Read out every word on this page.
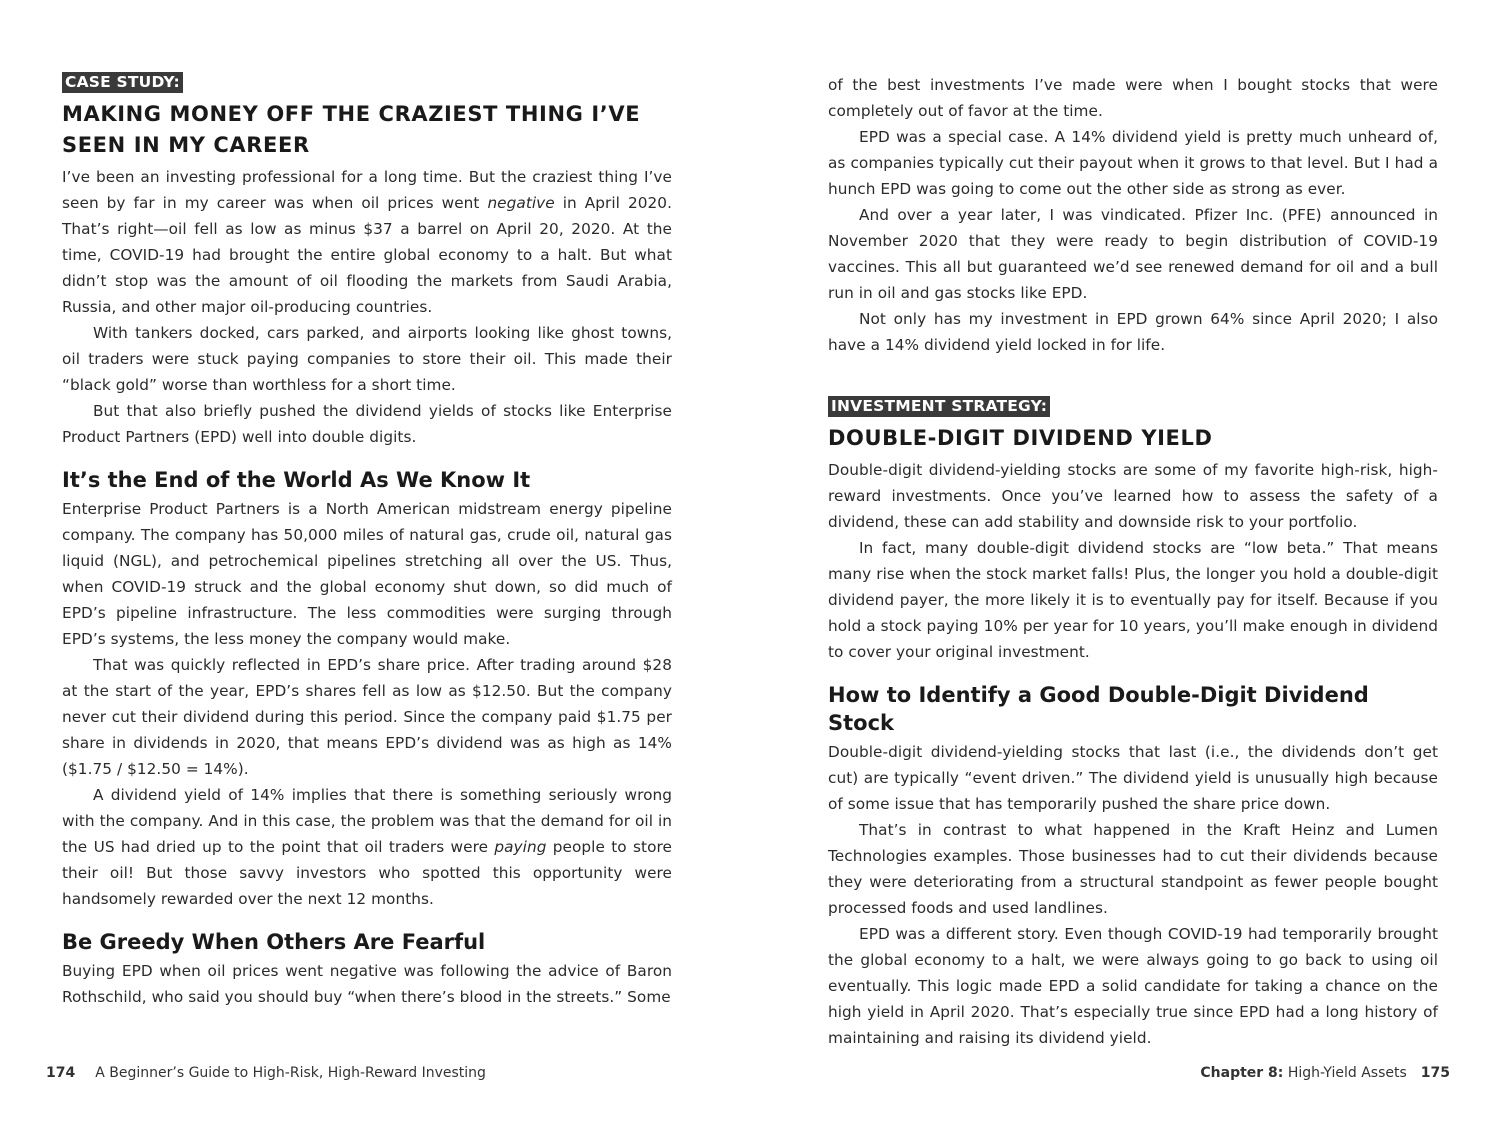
CASE STUDY:
MAKING MONEY OFF THE CRAZIEST THING I’VE SEEN IN MY CAREER

I’ve been an investing professional for a long time. But the craziest thing I’ve seen by far in my career was when oil prices went negative in April 2020. That’s right—oil fell as low as minus $37 a barrel on April 20, 2020. At the time, COVID-19 had brought the entire global economy to a halt. But what didn’t stop was the amount of oil flooding the markets from Saudi Arabia, Russia, and other major oil-producing countries.

With tankers docked, cars parked, and airports looking like ghost towns, oil traders were stuck paying companies to store their oil. This made their “black gold” worse than worthless for a short time.

But that also briefly pushed the dividend yields of stocks like Enterprise Product Partners (EPD) well into double digits.

It’s the End of the World As We Know It

Enterprise Product Partners is a North American midstream energy pipeline company. The company has 50,000 miles of natural gas, crude oil, natural gas liquid (NGL), and petrochemical pipelines stretching all over the US. Thus, when COVID-19 struck and the global economy shut down, so did much of EPD’s pipeline infrastructure. The less commodities were surging through EPD’s systems, the less money the company would make.

That was quickly reflected in EPD’s share price. After trading around $28 at the start of the year, EPD’s shares fell as low as $12.50. But the company never cut their dividend during this period. Since the company paid $1.75 per share in dividends in 2020, that means EPD’s dividend was as high as 14% ($1.75 / $12.50 = 14%).

A dividend yield of 14% implies that there is something seriously wrong with the company. And in this case, the problem was that the demand for oil in the US had dried up to the point that oil traders were paying people to store their oil! But those savvy investors who spotted this opportunity were handsomely rewarded over the next 12 months.

Be Greedy When Others Are Fearful

Buying EPD when oil prices went negative was following the advice of Baron Rothschild, who said you should buy “when there’s blood in the streets.” Some

174 A Beginner’s Guide to High-Risk, High-Reward Investing

of the best investments I’ve made were when I bought stocks that were completely out of favor at the time.

EPD was a special case. A 14% dividend yield is pretty much unheard of, as companies typically cut their payout when it grows to that level. But I had a hunch EPD was going to come out the other side as strong as ever.

And over a year later, I was vindicated. Pfizer Inc. (PFE) announced in November 2020 that they were ready to begin distribution of COVID-19 vaccines. This all but guaranteed we’d see renewed demand for oil and a bull run in oil and gas stocks like EPD.

Not only has my investment in EPD grown 64% since April 2020; I also have a 14% dividend yield locked in for life.

INVESTMENT STRATEGY:
DOUBLE-DIGIT DIVIDEND YIELD

Double-digit dividend-yielding stocks are some of my favorite high-risk, high-reward investments. Once you’ve learned how to assess the safety of a dividend, these can add stability and downside risk to your portfolio.

In fact, many double-digit dividend stocks are “low beta.” That means many rise when the stock market falls! Plus, the longer you hold a double-digit dividend payer, the more likely it is to eventually pay for itself. Because if you hold a stock paying 10% per year for 10 years, you’ll make enough in dividend to cover your original investment.

How to Identify a Good Double-Digit Dividend Stock

Double-digit dividend-yielding stocks that last (i.e., the dividends don’t get cut) are typically “event driven.” The dividend yield is unusually high because of some issue that has temporarily pushed the share price down.

That’s in contrast to what happened in the Kraft Heinz and Lumen Technologies examples. Those businesses had to cut their dividends because they were deteriorating from a structural standpoint as fewer people bought processed foods and used landlines.

EPD was a different story. Even though COVID-19 had temporarily brought the global economy to a halt, we were always going to go back to using oil eventually. This logic made EPD a solid candidate for taking a chance on the high yield in April 2020. That’s especially true since EPD had a long history of maintaining and raising its dividend yield.

Chapter 8: High-Yield Assets 175
